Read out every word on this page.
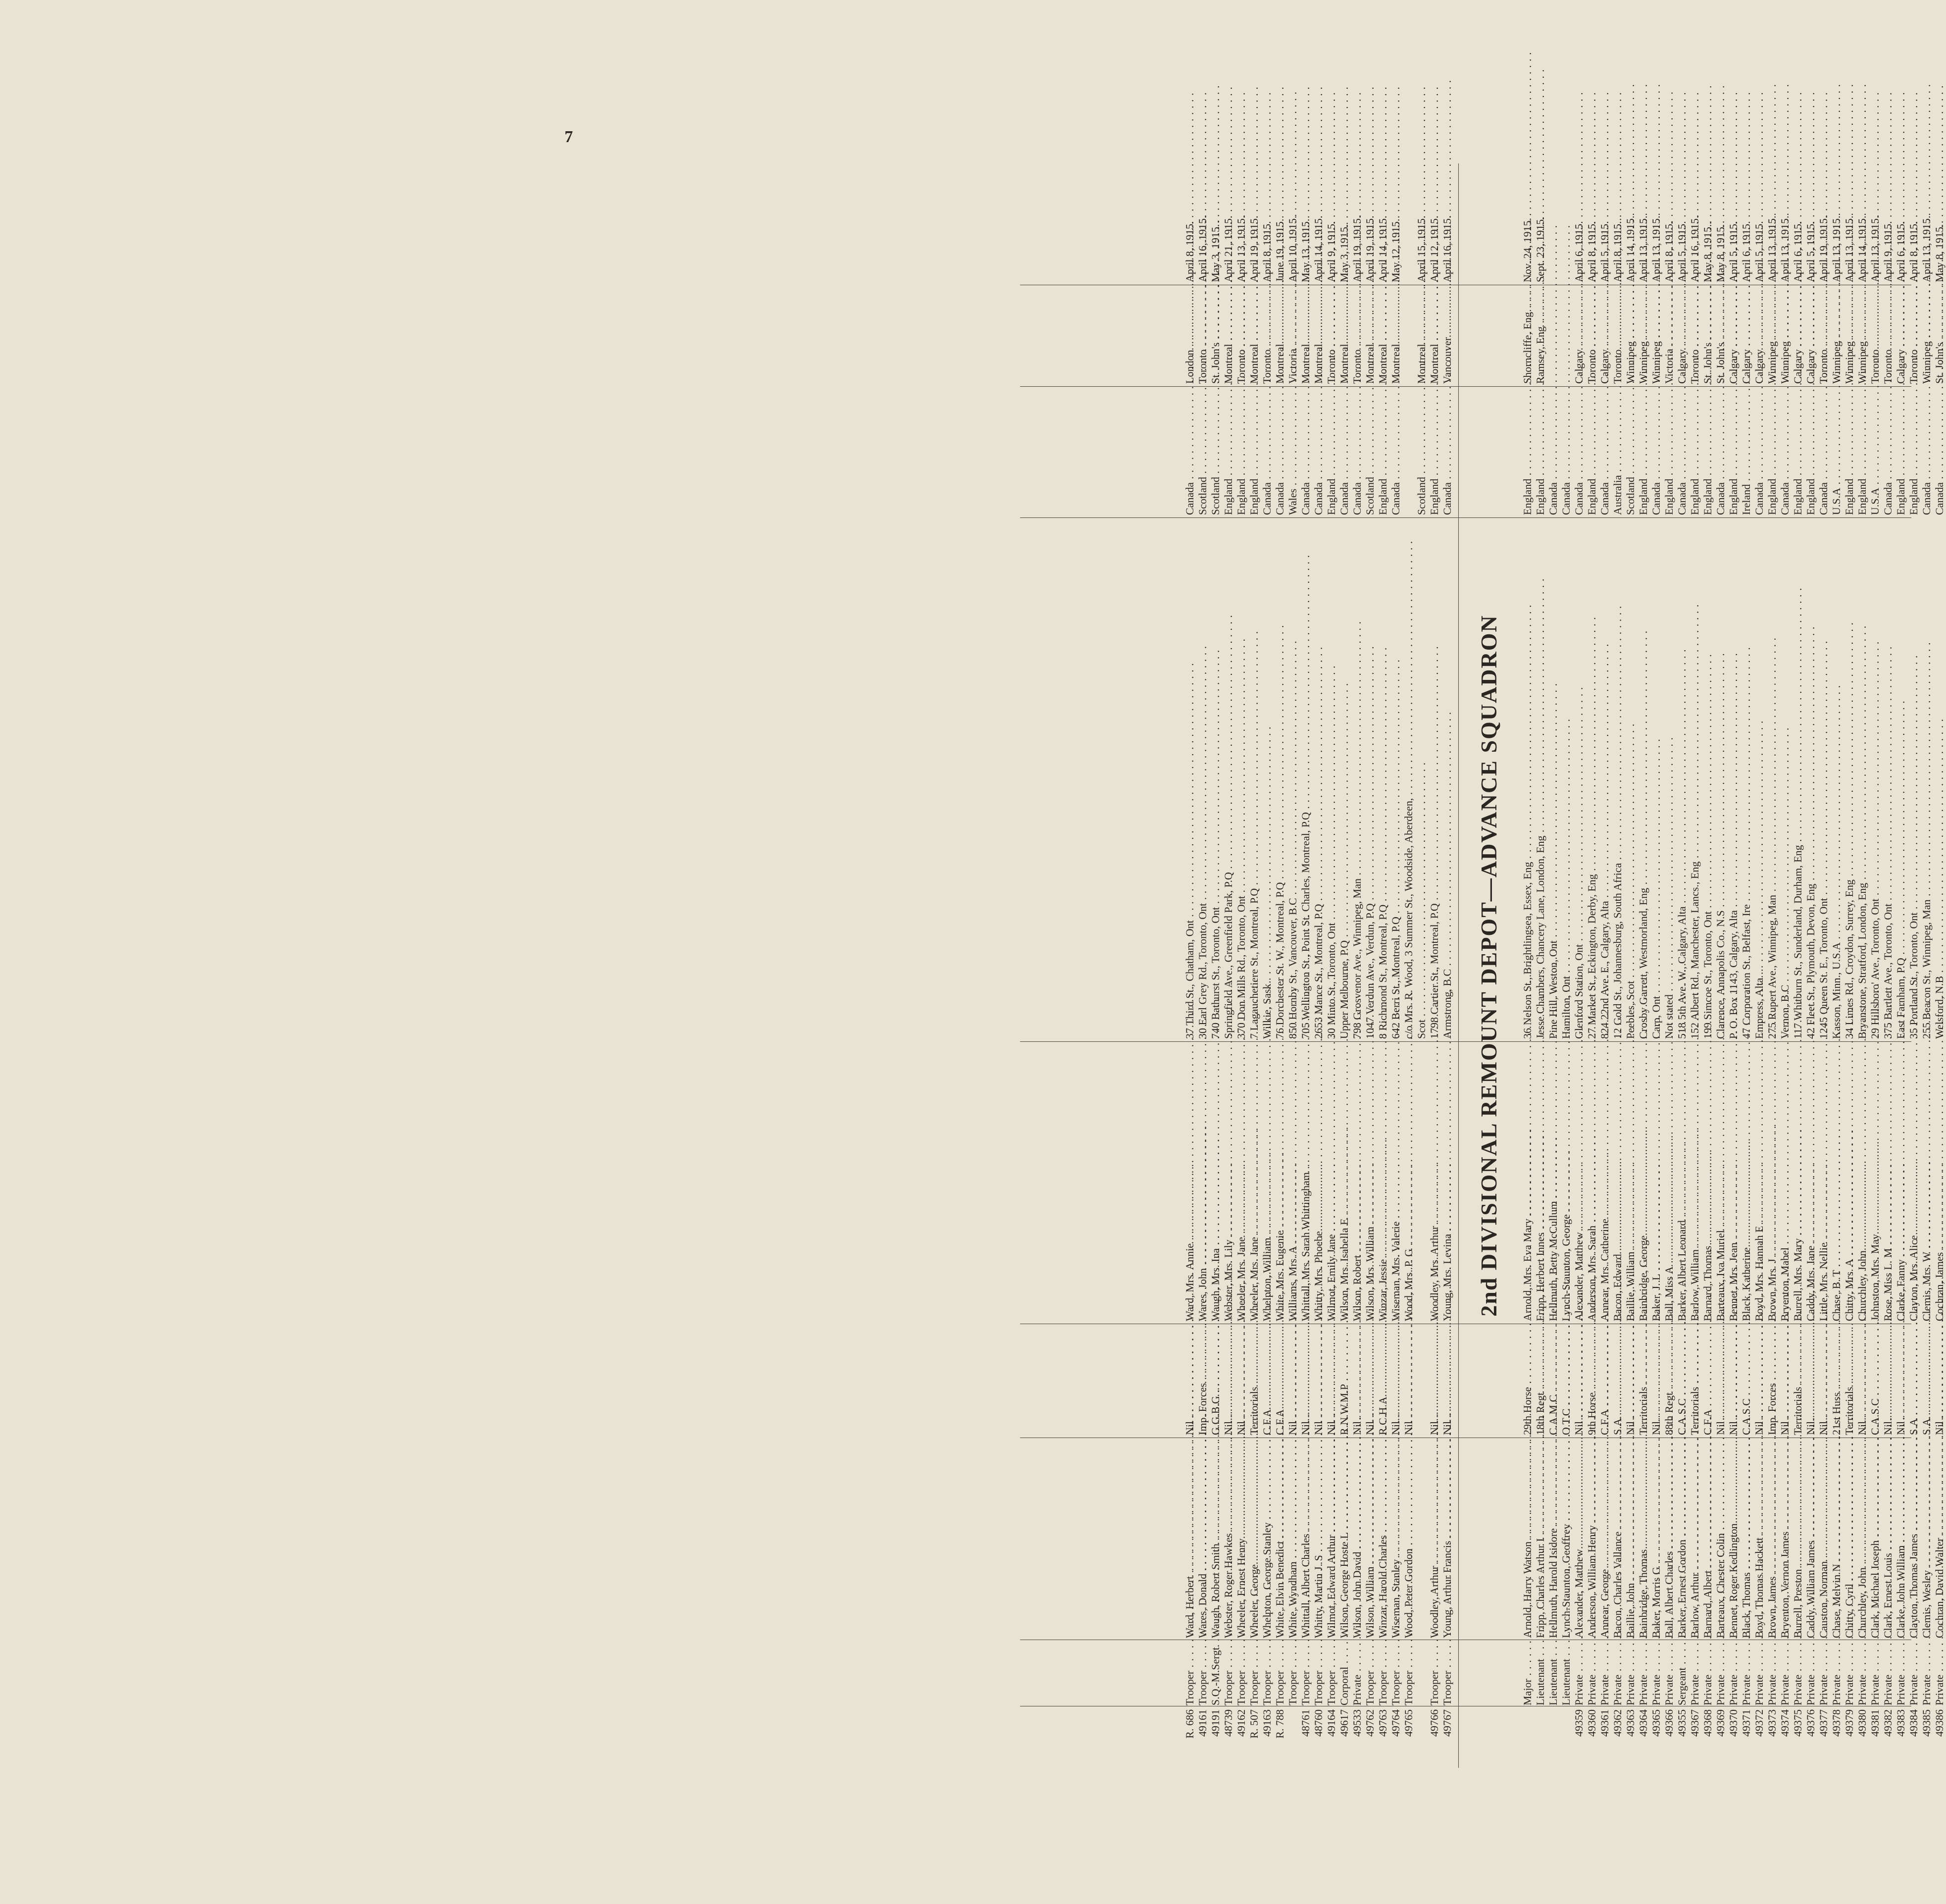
7
R. 686
Trooper . . .
Ward, Herbert . . .
Nil . . .
Ward, Mrs. Annie . . .
37 Third St., Chatham, Ont . . .
Canada . . .
London . . .
April 8, 1915.
49161
Trooper . . .
Wares, Donald . . .
Imp. Forces . . .
Wares, John . . .
30 Earl Grey Rd., Toronto, Ont . . .
Scotland . . .
Toronto . . .
April 16, 1915.
49191
S.Q.-M.Sergt. . . .
Waugh, Robert Smith . . .
G.G.B.G . . .
Waugh, Mrs. Ina . . .
740 Bathurst St., Toronto, Ont . . .
Scotland . . .
St. John's . . .
May 3, 1915.
48739
Trooper . . .
Webster, Roger Hawkes . . .
Nil . . .
Webster, Mrs. Lily . . .
Springfield Ave., Greenfield Park, P.Q . . .
England . . .
Montreal . . .
April 21, 1915.
49162
Trooper . . .
Wheeler, Ernest Henry . . .
Nil . . .
Wheeler, Mrs. Jane . . .
370 Don Mills Rd., Toronto, Ont . . .
England . . .
Toronto . . .
April 13, 1915.
R. 507
Trooper . . .
Wheeler, George . . .
Territorials . . .
Wheeler, Mrs. Jane . . .
7 Lagauchetiere St., Montreal, P.Q . . .
England . . .
Montreal . . .
April 19, 1915.
49163
Trooper . . .
Whelpton, George Stanley . . .
C.F.A . . .
Whelpton, William . . .
Wilkie, Sask . . .
Canada . . .
Toronto . . .
April 8, 1915.
R. 788
Trooper . . .
White, Elvin Benedict . . .
C.F.A . . .
White, Mrs. Eugenie . . .
76 Dorchester St. W., Montreal, P.Q . . .
Canada . . .
Montreal . . .
June 19, 1915.
Trooper . . .
White, Wyndham . . .
Nil . . .
Williams, Mrs. A . . .
850 Hornby St., Vancouver, B.C . . .
Wales . . .
Victoria . . .
April 10, 1915.
48761
Trooper . . .
Whittall, Albert Charles . . .
Nil . . .
Whittall, Mrs. Sarah Whittingham . . .
705 Wellington St., Point St. Charles, Montreal, P.Q . . .
Canada . . .
Montreal . . .
May 13, 1915.
48760
Trooper . . .
Whitty, Martin J. S . . .
Nil . . .
Whitty, Mrs. Phoebe . . .
2653 Mance St., Montreal, P.Q . . .
Canada . . .
Montreal . . .
April 14, 1915.
49164
Trooper . . .
Wilmot, Edward Arthur . . .
Nil . . .
Wilmot, Emily Jane . . .
30 Minto St., Toronto, Ont . . .
England . . .
Toronto . . .
April 9, 1915.
49617
Corporal . . .
Wilson, George Hoste L . . .
R.N.W.M.P . . .
Wilson, Mrs. Isabella E . . .
Upper Melbourne, P.Q . . .
Canada . . .
Montreal . . .
May 3, 1915.
49533
Private . . .
Wilson, John David . . .
Nil . . .
Wilson, Robert . . .
798 Grosvenor Ave., Winnipeg, Man . . .
Canada . . .
Toronto . . .
April 19, 1915.
49762
Trooper . . .
Wilson, William . . .
Nil . . .
Wilson, Mrs. William . . .
1047 Verdun Ave., Verdun, P.Q . . .
Scotland . . .
Montreal . . .
April 19, 1915.
49763
Trooper . . .
Winzar, Harold Charles . . .
R.C.H.A . . .
Winzar, Jessie . . .
8 Richmond St., Montreal, P.Q . . .
England . . .
Montreal . . .
April 14, 1915.
49764
Trooper . . .
Wiseman, Stanley . . .
Nil . . .
Wiseman, Mrs. Valerie . . .
642 Berri St., Montreal, P.Q . . .
Canada . . .
Montreal . . .
May 12, 1915.
49765
Trooper . . .
Wood, Peter Gordon . . .
Nil . . .
Wood, Mrs. P. G . . .
c/o Mrs. R. Wood, 3 Summer St., Woodside, Aberdeen, . . . Scot . . .
Scotland . . .
Montreal . . .
April 15, 1915.
49766
Trooper . . .
Woodley, Arthur . . .
Nil . . .
Woodley, Mrs. Arthur . . .
1798 Cartier St., Montreal, P.Q . . .
England . . .
Montreal . . .
April 12, 1915.
49767
Trooper . . .
Young, Arthur Francis . . .
Nil . . .
Young, Mrs. Levina . . .
Armstrong, B.C . . .
Canada . . .
Vancouver . . .
April 16, 1915.
2nd DIVISIONAL REMOUNT DEPOT—ADVANCE SQUADRON
Major . . .
Arnold, Harry Watson . . .
29th Horse . . .
Arnold, Mrs. Eva Mary . . .
36 Nelson St., Brightlingsea, Essex, Eng . . .
England . . .
Shorncliffe, Eng. . . .
Nov. 24, 1915.
Lieutenant . . .
Fripp, Charles Arthur I . . .
18th Regt . . .
Fripp, Herbert Innes . . .
Jesse Chambers, Chancery Lane, London, Eng . . .
England . . .
Ramsey, Eng . . .
Sept. 23, 1915.
Lieutenant . . .
Hellmuth, Harold Isidore . . .
C.A.M.C . . .
Hellmuth, Betty McCullum . . .
Pine Hill, Weston, Ont . . .
Canada . . .
Lieutenant . . .
Lynch-Staunton, Geoffrey . . .
O.T.C . . .
Lynch-Staunton, George . . .
Hamilton, Ont . . .
Canada . . .
49359
Private . . .
Alexander, Matthew . . .
Nil . . .
Alexander, Matthew . . .
Glenford Station, Ont . . .
Canada . . .
Calgary . . .
April 6, 1915.
49360
Private . . .
Anderson, William Henry . . .
9th Horse . . .
Anderson, Mrs. Sarah . . .
27 Market St., Eckington, Derby, Eng . . .
England . . .
Toronto . . .
April 8, 1915.
49361
Private . . .
Annear, George . . .
C.F.A . . .
Annear, Mrs. Catherine . . .
824 22nd Ave. E., Calgary, Alta . . .
Canada . . .
Calgary . . .
April 5, 1915.
49362
Private . . .
Bacon, Charles Vallance . . .
S.A . . .
Bacon, Edward . . .
12 Gold St., Johannesburg, South Africa . . .
Australia . . .
Toronto . . .
April 8, 1915.
49363
Private . . .
Baillie, John . . .
Nil . . .
Baillie, William . . .
Peebles, Scot . . .
Scotland . . .
Winnipeg . . .
April 14, 1915.
49364
Private . . .
Bainbridge, Thomas . . .
Territorials . . .
Bainbridge, George . . .
Crosby Garrett, Westmorland, Eng . . .
England . . .
Winnipeg . . .
April 13, 1915.
49365
Private . . .
Baker, Morris G . . .
Nil . . .
Baker, J. L . . .
Carp, Ont . . .
Canada . . .
Winnipeg . . .
April 13, 1915.
49366
Private . . .
Ball, Albert Charles . . .
88th Regt . . .
Ball, Miss A . . .
Not stated . . .
England . . .
Victoria . . .
April 8, 1915.
49355
Sergeant . . .
Barker, Ernest Gordon . . .
C.A.S.C . . .
Barker, Albert Leonard . . .
518 5th Ave. W., Calgary, Alta . . .
Canada . . .
Calgary . . .
April 5, 1915.
49367
Private . . .
Barlow, Arthur . . .
Territorials . . .
Barlow, William . . .
152 Albert Rd., Manchester, Lancs., Eng . . .
England . . .
Toronto . . .
April 16, 1915.
49368
Private . . .
Barnard, Albert . . .
C.F.A . . .
Barnard, Thomas . . .
199 Simcoe St., Toronto, Ont . . .
England . . .
St. John's . . .
May 8, 1915.
49369
Private . . .
Barteaux, Chester Colin . . .
Nil . . .
Barteaux, Iva Muriel . . .
Clarence, Annapolis Co., N.S . . .
Canada . . .
St. John's . . .
May 8, 1915.
49370
Private . . .
Bennet, Roger Kedlington . . .
Nil . . .
Bennet, Mrs. Jean . . .
P. O. Box 1143, Calgary, Alta . . .
England . . .
Calgary . . .
April 5, 1915.
49371
Private . . .
Black, Thomas . . .
C.A.S.C . . .
Black, Katherine . . .
47 Corporation St., Belfast, Ire . . .
Ireland . . .
Calgary . . .
April 6, 1915.
49372
Private . . .
Boyd, Thomas Hackett . . .
Nil . . .
Boyd, Mrs. Hannah E . . .
Empress, Alta . . .
Canada . . .
Calgary . . .
April 5, 1915.
49373
Private . . .
Brown, James . . .
Imp. Forces . . .
Brown, Mrs. J . . .
275 Rupert Ave., Winnipeg, Man . . .
England . . .
Winnipeg . . .
April 13, 1915.
49374
Private . . .
Bryenton, Vernon James . . .
Nil . . .
Bryenton, Mabel . . .
Vernon, B.C . . .
Canada . . .
Winnipeg . . .
April 13, 1915.
49375
Private . . .
Burrell, Preston . . .
Territorials . . .
Burrell, Mrs. Mary . . .
117 Whitburn St., Sunderland, Durham, Eng . . .
England . . .
Calgary . . .
April 6, 1915.
49376
Private . . .
Caddy, William James . . .
Nil . . .
Caddy, Mrs. Jane . . .
42 Fleet St., Plymouth, Devon, Eng . . .
England . . .
Calgary . . .
April 5, 1915.
49377
Private . . .
Causton, Norman . . .
Nil . . .
Little, Mrs. Nellie . . .
1245 Queen St. E., Toronto, Ont . . .
Canada . . .
Toronto . . .
April 19, 1915.
49378
Private . . .
Chase, Melvin N . . .
21st Huss . . .
Chase, B. T . . .
Kasson, Minn., U.S.A . . .
U.S.A . . .
Winnipeg . . .
April 13, 1915.
49379
Private . . .
Chitty, Cyril . . .
Territorials . . .
Chitty, Mrs. A . . .
34 Limes Rd., Croydon, Surrey, Eng . . .
England . . .
Winnipeg . . .
April 13, 1915.
49380
Private . . .
Churchley, John . . .
Nil . . .
Churchley, John . . .
Bryanstone, Stratford, London, Eng . . .
England . . .
Winnipeg . . .
April 14, 1915.
49381
Private . . .
Clark, Michael Joseph . . .
C.A.S.C . . .
Johnston, Mrs. May . . .
29 Hillsboro' Ave., Toronto, Ont . . .
U.S.A . . .
Toronto . . .
April 13, 1915.
49382
Private . . .
Clark, Ernest Louis . . .
Nil . . .
Rose, Miss L. M . . .
375 Bartlett Ave., Toronto, Ont . . .
Canada . . .
Toronto . . .
April 9, 1915.
49383
Private . . .
Clarke, John William . . .
Nil . . .
Clarke, Fanny . . .
East Farnham, P.Q . . .
England . . .
Calgary . . .
April 6, 1915.
49384
Private . . .
Clayton, Thomas James . . .
S.A . . .
Clayton, Mrs. Alice . . .
35 Portland St., Toronto, Ont . . .
England . . .
Toronto . . .
April 8, 1915.
49385
Private . . .
Clemis, Wesley . . .
S.A . . .
Clemis, Mrs. W . . .
255 Beacon St., Winnipeg, Man . . .
Canada . . .
Winnipeg . . .
April 13, 1915.
49386
Private . . .
Cochran, David Walter . . .
Nil . . .
Cochran, James . . .
Welsford, N.B . . .
Canada . . .
St. John's . . .
May 8, 1915.
